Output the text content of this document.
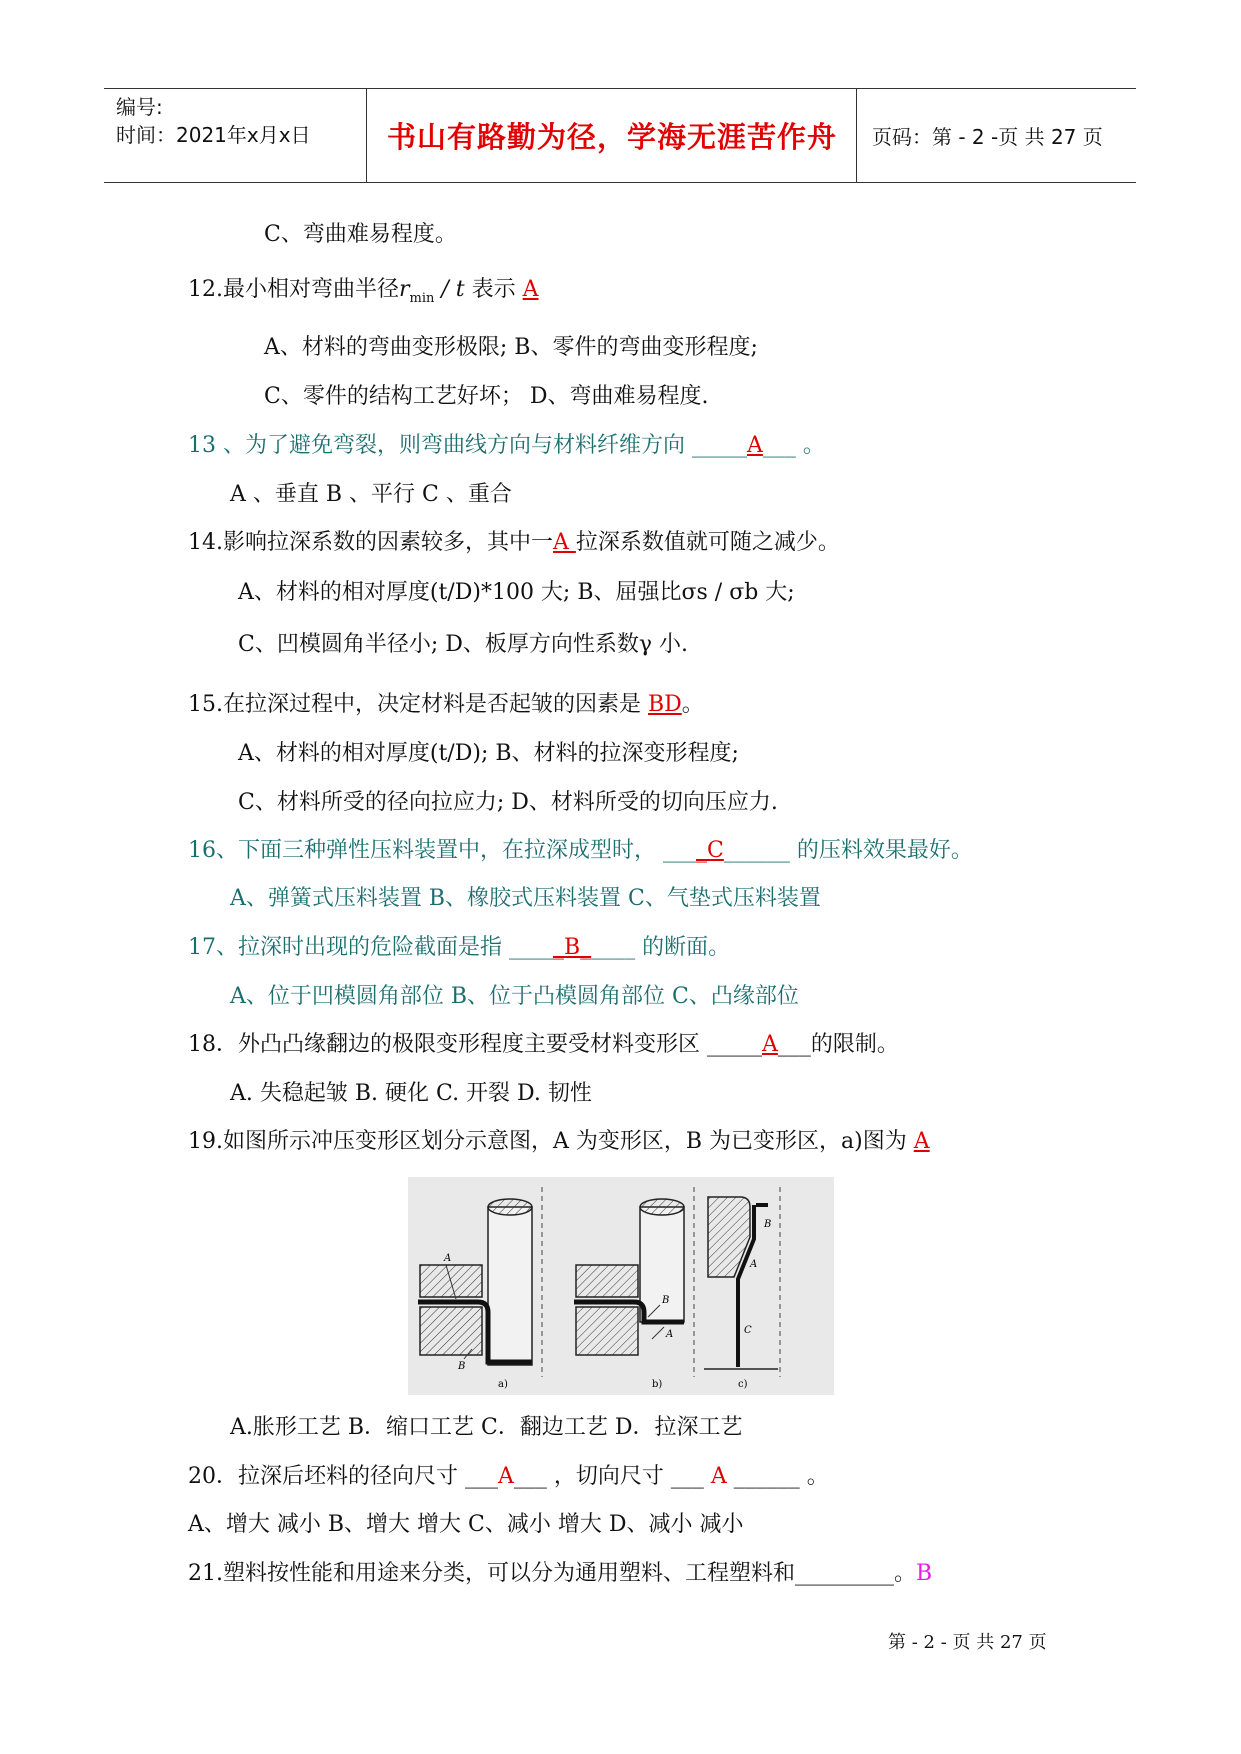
编号:
时间：2021年x月x日	书山有路勤为径，学海无涯苦作舟	页码：第 - 2 -页 共 27 页
C、弯曲难易程度。
12.最小相对弯曲半径$r_{min}$ / t 表示 A
A、材料的弯曲变形极限; B、零件的弯曲变形程度;
C、零件的结构工艺好坏； D、弯曲难易程度.
13 、为了避免弯裂，则弯曲线方向与材料纤维方向 _____A___ 。
A 、垂直 B 、平行 C 、重合
14.影响拉深系数的因素较多，其中一A 拉深系数值就可随之减少。
A、材料的相对厚度(t/D)*100 大; B、屈强比σs / σb 大;
C、凹模圆角半径小; D、板厚方向性系数γ 小.
15.在拉深过程中，决定材料是否起皱的因素是 BD。
A、材料的相对厚度(t/D); B、材料的拉深变形程度;
C、材料所受的径向拉应力; D、材料所受的切向压应力.
16、下面三种弹性压料装置中，在拉深成型时， ____C______ 的压料效果最好。
A、弹簧式压料装置 B、橡胶式压料装置 C、气垫式压料装置
17、拉深时出现的危险截面是指 _____B_____ 的断面。
A、位于凹模圆角部位 B、位于凸模圆角部位 C、凸缘部位
18．外凸凸缘翻边的极限变形程度主要受材料变形区 _____A___的限制。
A. 失稳起皱 B. 硬化 C. 开裂 D. 韧性
19.如图所示冲压变形区划分示意图，A 为变形区，B 为已变形区，a)图为 A
A
B
a)
B
A
b)
B
A
C
c)
A.胀形工艺 B．缩口工艺 C．翻边工艺 D．拉深工艺
20．拉深后坯料的径向尺寸 ___A___ ，切向尺寸 ___ A ______ 。
A、增大 减小 B、增大 增大 C、减小 增大 D、减小 减小
21.塑料按性能和用途来分类，可以分为通用塑料、工程塑料和_________。B
第 - 2 - 页 共 27 页
